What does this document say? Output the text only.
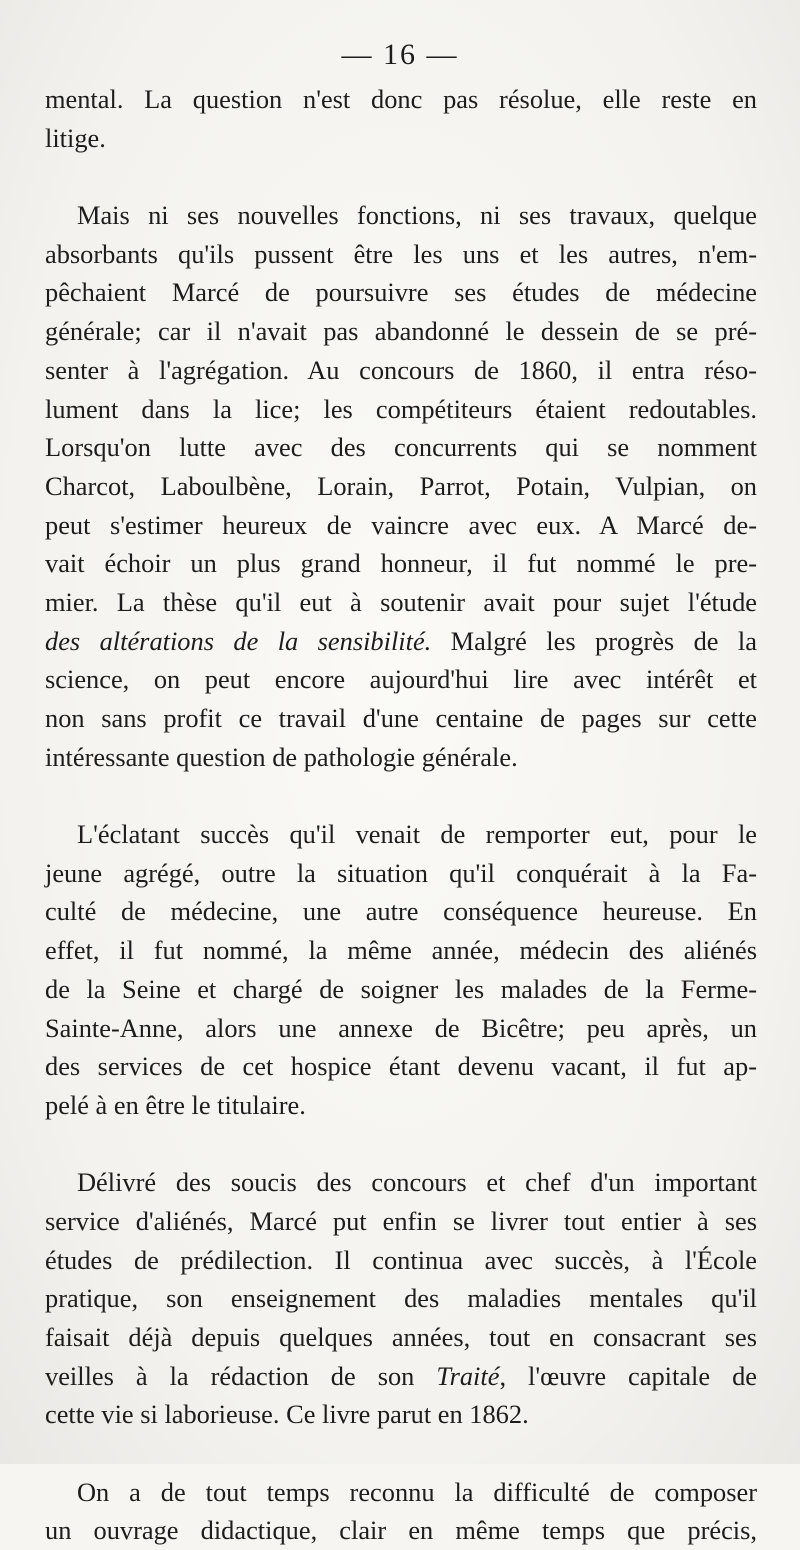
— 16 —
mental. La question n'est donc pas résolue, elle reste en
litige.
Mais ni ses nouvelles fonctions, ni ses travaux, quelque
absorbants qu'ils pussent être les uns et les autres, n'em-
pêchaient Marcé de poursuivre ses études de médecine
générale; car il n'avait pas abandonné le dessein de se pré-
senter à l'agrégation. Au concours de 1860, il entra réso-
lument dans la lice; les compétiteurs étaient redoutables.
Lorsqu'on lutte avec des concurrents qui se nomment
Charcot, Laboulbène, Lorain, Parrot, Potain, Vulpian, on
peut s'estimer heureux de vaincre avec eux. A Marcé de-
vait échoir un plus grand honneur, il fut nommé le pre-
mier. La thèse qu'il eut à soutenir avait pour sujet l'étude
des altérations de la sensibilité. Malgré les progrès de la
science, on peut encore aujourd'hui lire avec intérêt et
non sans profit ce travail d'une centaine de pages sur cette
intéressante question de pathologie générale.
L'éclatant succès qu'il venait de remporter eut, pour le
jeune agrégé, outre la situation qu'il conquérait à la Fa-
culté de médecine, une autre conséquence heureuse. En
effet, il fut nommé, la même année, médecin des aliénés
de la Seine et chargé de soigner les malades de la Ferme-
Sainte-Anne, alors une annexe de Bicêtre; peu après, un
des services de cet hospice étant devenu vacant, il fut ap-
pelé à en être le titulaire.
Délivré des soucis des concours et chef d'un important
service d'aliénés, Marcé put enfin se livrer tout entier à ses
études de prédilection. Il continua avec succès, à l'École
pratique, son enseignement des maladies mentales qu'il
faisait déjà depuis quelques années, tout en consacrant ses
veilles à la rédaction de son Traité, l'œuvre capitale de
cette vie si laborieuse. Ce livre parut en 1862.
On a de tout temps reconnu la difficulté de composer
un ouvrage didactique, clair en même temps que précis,
